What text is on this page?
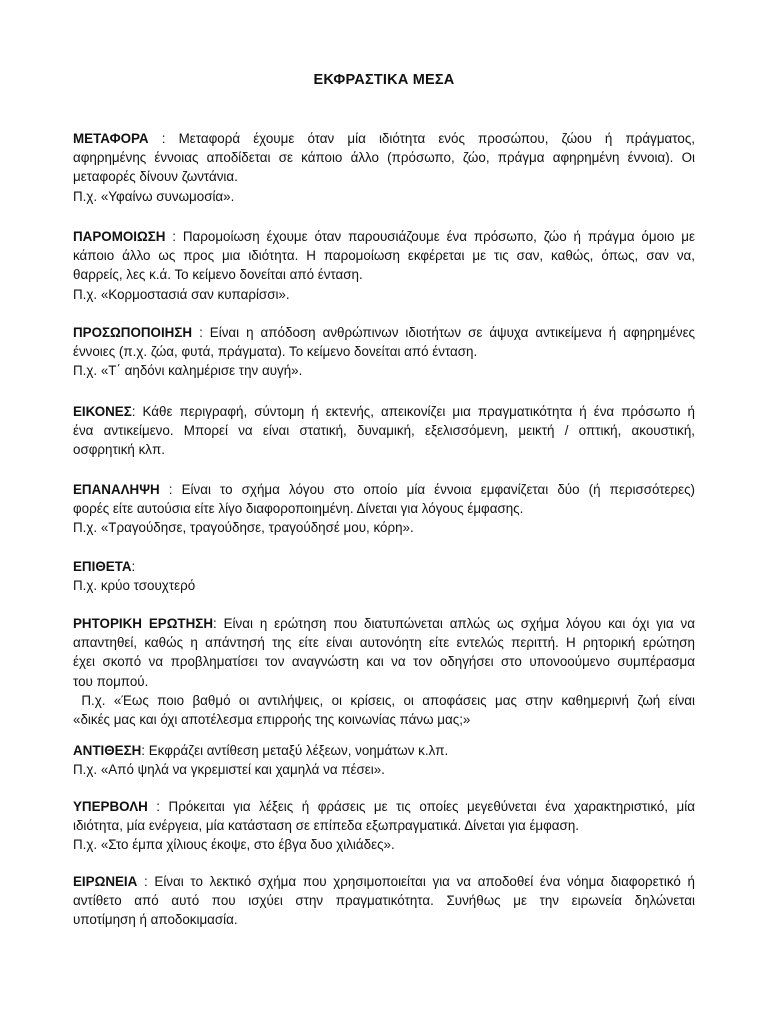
ΕΚΦΡΑΣΤΙΚΑ ΜΕΣΑ
ΜΕΤΑΦΟΡΑ : Μεταφορά έχουμε όταν μία ιδιότητα ενός προσώπου, ζώου ή πράγματος,
αφηρημένης έννοιας αποδίδεται σε κάποιο άλλο (πρόσωπο, ζώο, πράγμα αφηρημένη έννοια). Οι
μεταφορές δίνουν ζωντάνια.
Π.χ. «Υφαίνω συνωμοσία».
ΠΑΡΟΜΟΙΩΣΗ : Παρομοίωση έχουμε όταν παρουσιάζουμε ένα πρόσωπο, ζώο ή πράγμα όμοιο με
κάποιο άλλο ως προς μια ιδιότητα. Η παρομοίωση εκφέρεται με τις σαν, καθώς, όπως, σαν να,
θαρρείς, λες κ.ά. Το κείμενο δονείται από ένταση.
Π.χ. «Κορμοστασιά σαν κυπαρίσσι».
ΠΡΟΣΩΠΟΠΟΙΗΣΗ : Είναι η απόδοση ανθρώπινων ιδιοτήτων σε άψυχα αντικείμενα ή αφηρημένες
έννοιες (π.χ. ζώα, φυτά, πράγματα). Το κείμενο δονείται από ένταση.
Π.χ. «Τ΄ αηδόνι καλημέρισε την αυγή».
ΕΙΚΟΝΕΣ: Κάθε περιγραφή, σύντομη ή εκτενής, απεικονίζει μια πραγματικότητα ή ένα πρόσωπο ή
ένα αντικείμενο. Μπορεί να είναι στατική, δυναμική, εξελισσόμενη, μεικτή / οπτική, ακουστική,
οσφρητική κλπ.
ΕΠΑΝΑΛΗΨΗ : Είναι το σχήμα λόγου στο οποίο μία έννοια εμφανίζεται δύο (ή περισσότερες)
φορές είτε αυτούσια είτε λίγο διαφοροποιημένη. Δίνεται για λόγους έμφασης.
Π.χ. «Τραγούδησε, τραγούδησε, τραγούδησέ μου, κόρη».
ΕΠΙΘΕΤΑ:
Π.χ. κρύο τσουχτερό
ΡΗΤΟΡΙΚΗ ΕΡΩΤΗΣΗ: Είναι η ερώτηση που διατυπώνεται απλώς ως σχήμα λόγου και όχι για να
απαντηθεί, καθώς η απάντησή της είτε είναι αυτονόητη είτε εντελώς περιττή. Η ρητορική ερώτηση
έχει σκοπό να προβληματίσει τον αναγνώστη και να τον οδηγήσει στο υπονοούμενο συμπέρασμα
του πομπού.
Π.χ. «Έως ποιο βαθμό οι αντιλήψεις, οι κρίσεις, οι αποφάσεις μας στην καθημερινή ζωή είναι
«δικές μας και όχι αποτέλεσμα επιρροής της κοινωνίας πάνω μας;»
ΑΝΤΙΘΕΣΗ: Εκφράζει αντίθεση μεταξύ λέξεων, νοημάτων κ.λπ.
Π.χ. «Από ψηλά να γκρεμιστεί και χαμηλά να πέσει».
ΥΠΕΡΒΟΛΗ : Πρόκειται για λέξεις ή φράσεις με τις οποίες μεγεθύνεται ένα χαρακτηριστικό, μία
ιδιότητα, μία ενέργεια, μία κατάσταση σε επίπεδα εξωπραγματικά. Δίνεται για έμφαση.
Π.χ. «Στο έμπα χίλιους έκοψε, στο έβγα δυο χιλιάδες».
ΕΙΡΩΝΕΙΑ : Είναι το λεκτικό σχήμα που χρησιμοποιείται για να αποδοθεί ένα νόημα διαφορετικό ή
αντίθετο από αυτό που ισχύει στην πραγματικότητα. Συνήθως με την ειρωνεία δηλώνεται
υποτίμηση ή αποδοκιμασία.
